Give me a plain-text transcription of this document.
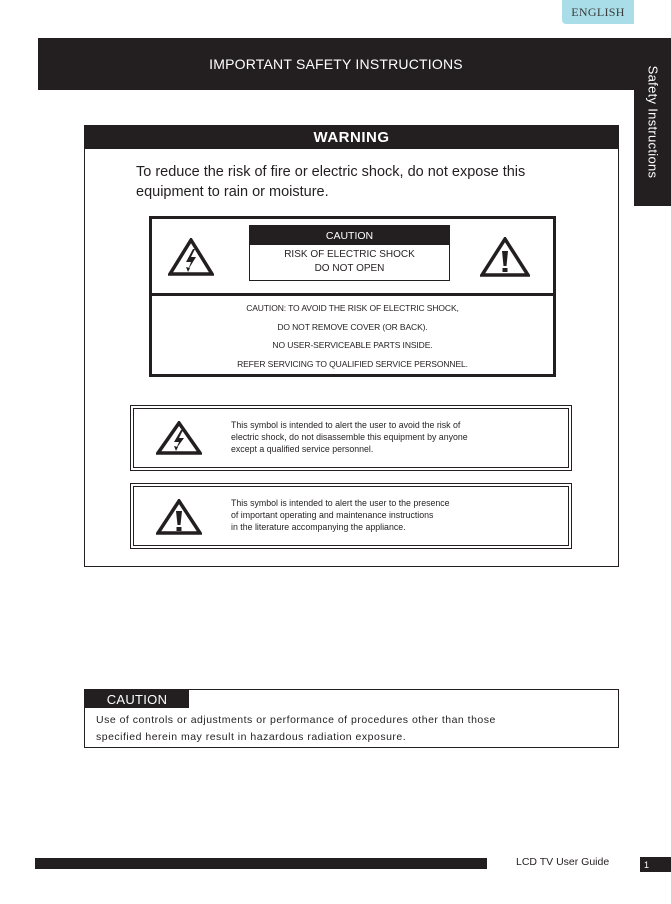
ENGLISH
IMPORTANT SAFETY INSTRUCTIONS
Safety Instructions
WARNING
To reduce the risk of fire or electric shock, do not expose this equipment to rain or moisture.
CAUTION
RISK OF ELECTRIC SHOCK
DO NOT OPEN
CAUTION: TO AVOID THE RISK OF ELECTRIC SHOCK,
DO NOT REMOVE COVER (OR BACK).
NO USER-SERVICEABLE PARTS INSIDE.
REFER SERVICING TO QUALIFIED SERVICE PERSONNEL.
This symbol is intended to alert the user to avoid the risk of
electric shock, do not disassemble this equipment by anyone
except a qualified service personnel.
This symbol is intended to alert the user to the presence
of important operating and maintenance instructions
in the literature accompanying the appliance.
CAUTION
Use of controls or adjustments or performance of procedures other than those
specified herein may result in hazardous radiation exposure.
LCD TV User Guide	1
